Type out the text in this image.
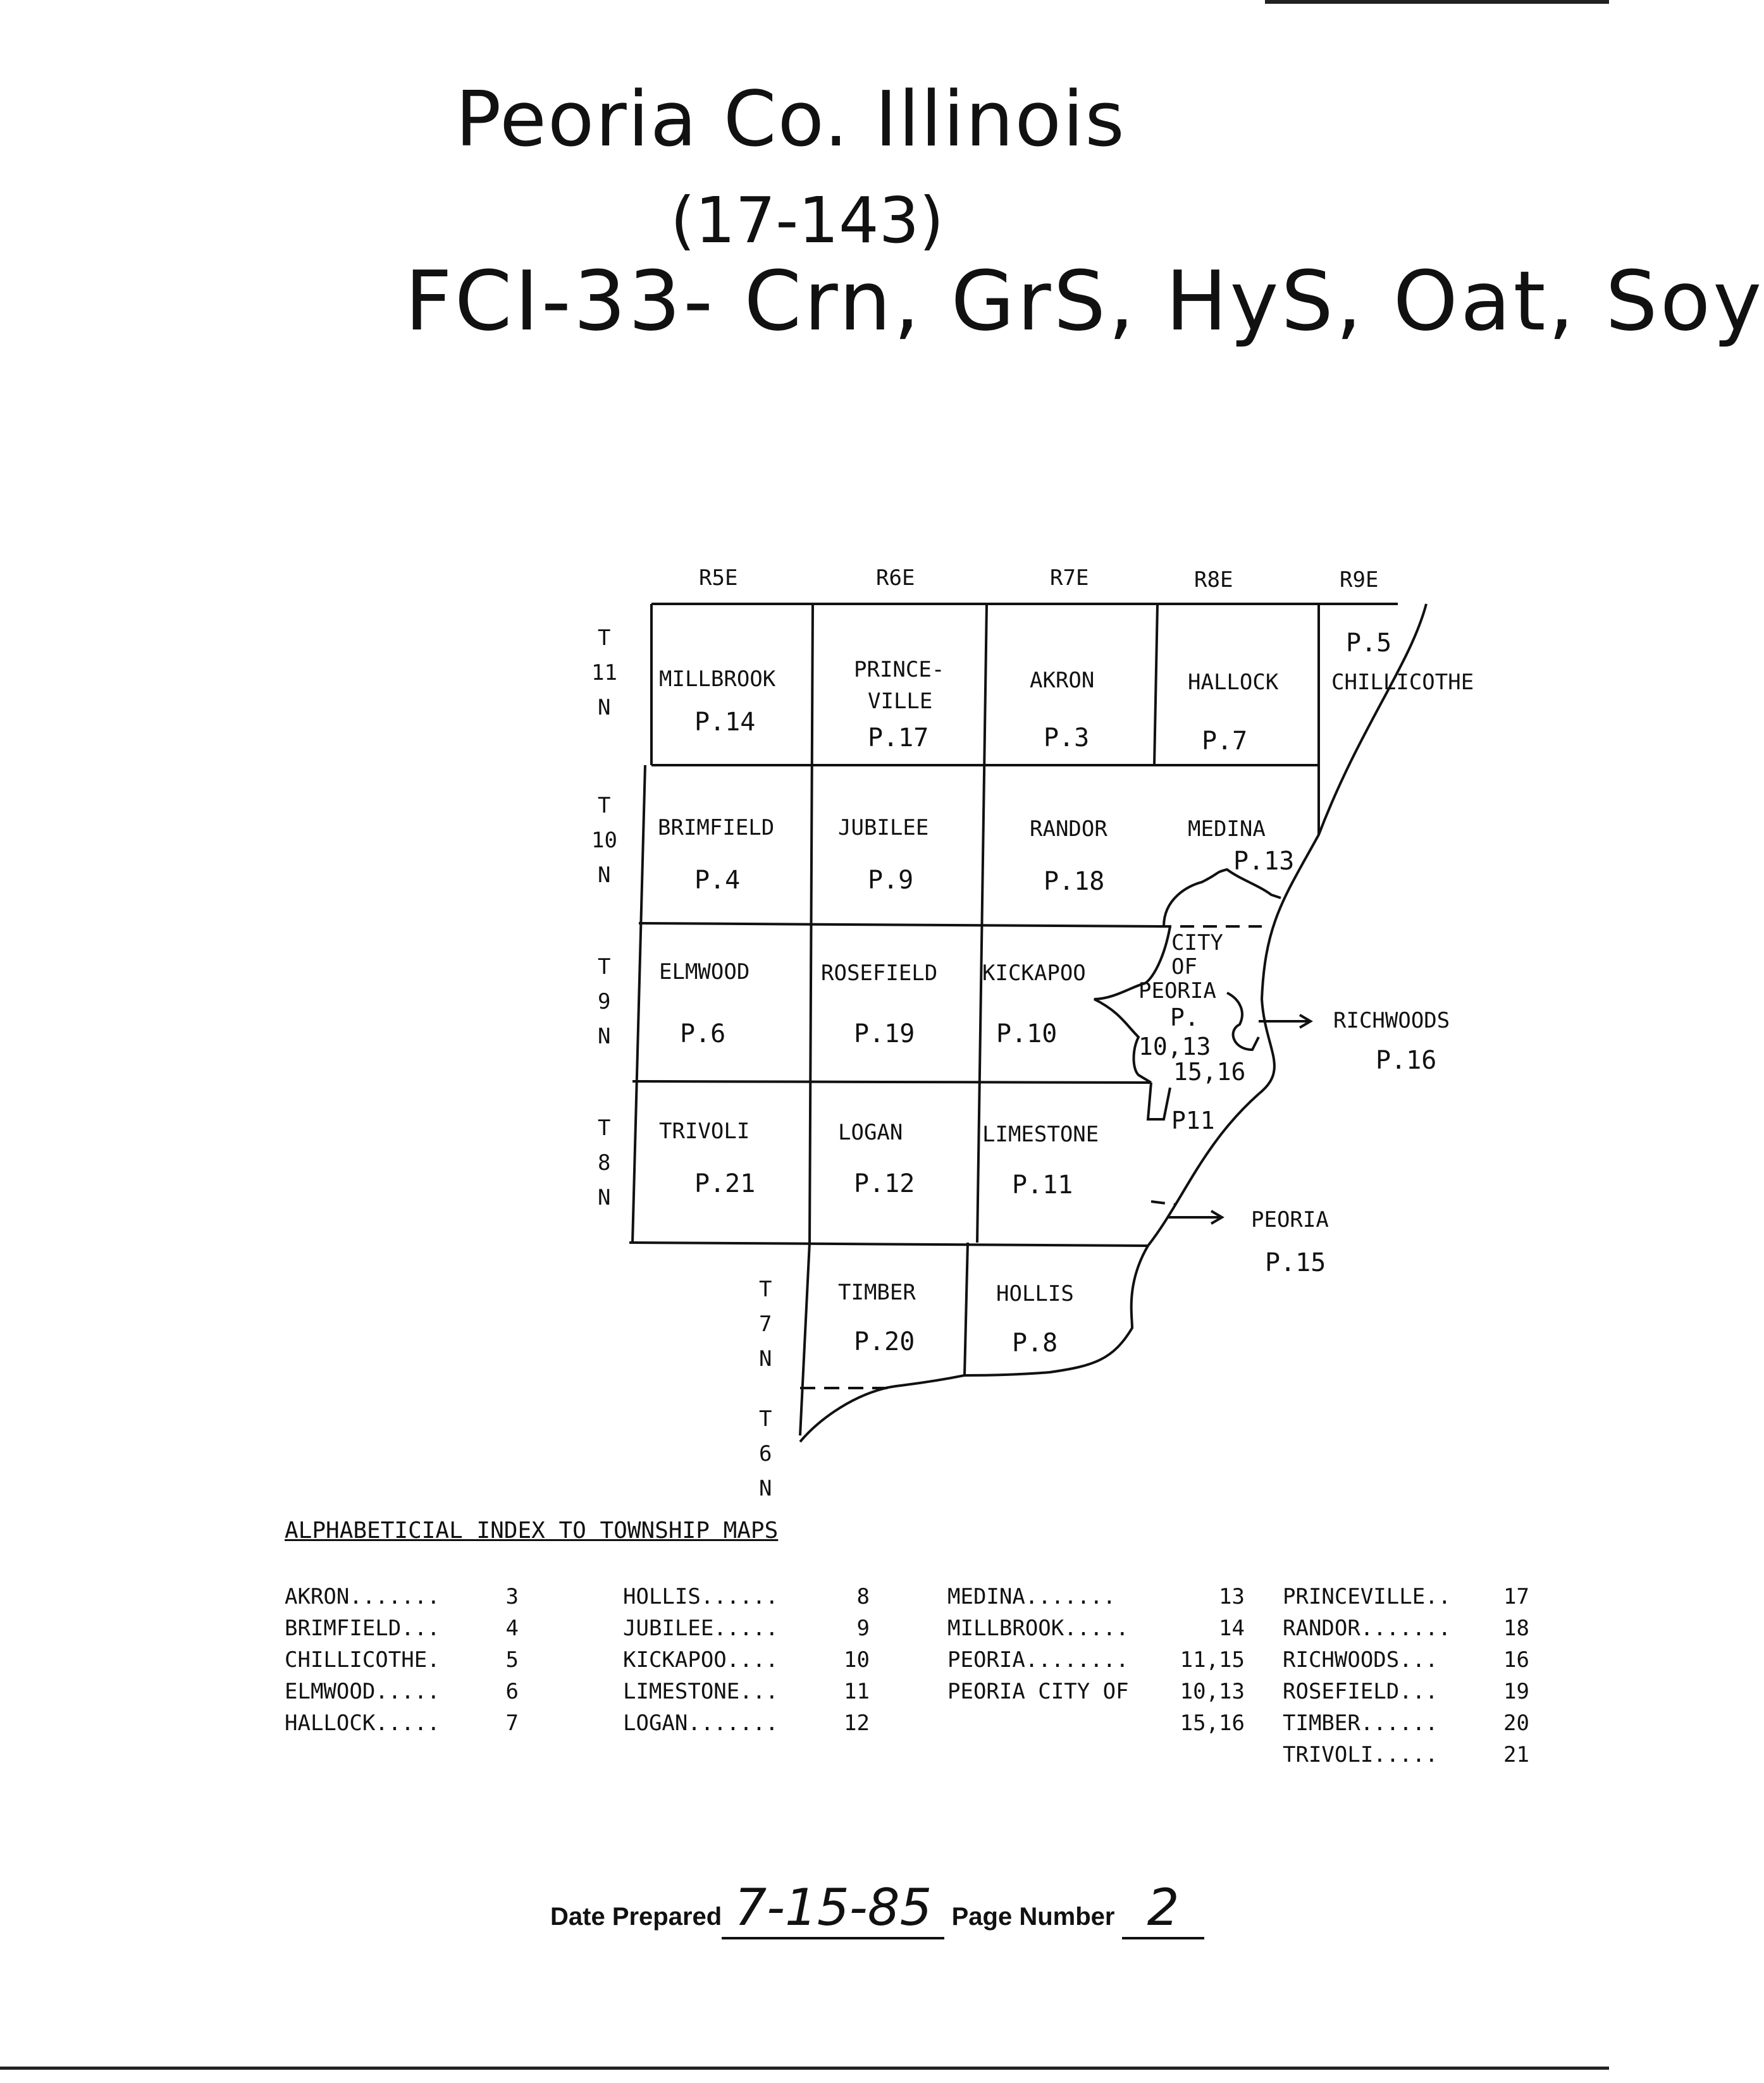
Peoria Co. Illinois
(17-143)
FCI-33- Crn, GrS, HyS, Oat, Soy
R5E	R6E	R7E	R8E	R9E
T
11
N
T
10
N
T
9
N
T
8
N
T
7
N
T
6
N
MILLBROOK
P.14
PRINCE-
VILLE
P.17
AKRON
P.3
HALLOCK
P.7
CHILLICOTHE
P.5
BRIMFIELD
P.4
JUBILEE
P.9
RANDOR
P.18
MEDINA
P.13
ELMWOOD
P.6
ROSEFIELD
P.19
KICKAPOO
P.10
TRIVOLI
P.21
LOGAN
P.12
LIMESTONE
P.11
TIMBER
P.20
HOLLIS
P.8
CITY
OF
PEORIA
P.
10,13
15,16
P11
RICHWOODS
P.16
PEORIA
P.15
ALPHABETICIAL INDEX TO TOWNSHIP MAPS
AKRON.......	3
BRIMFIELD...	4
CHILLICOTHE.	5
ELMWOOD.....	6
HALLOCK.....	7
HOLLIS......	8
JUBILEE.....	9
KICKAPOO....	10
LIMESTONE...	11
LOGAN.......	12
MEDINA.......	13
MILLBROOK.....	14
PEORIA........	11,15
PEORIA CITY OF	10,13
15,16
PRINCEVILLE..	17
RANDOR.......	18
RICHWOODS...	16
ROSEFIELD...	19
TIMBER......	20
TRIVOLI.....	21
Date Prepared 7-15-85 Page Number 2
